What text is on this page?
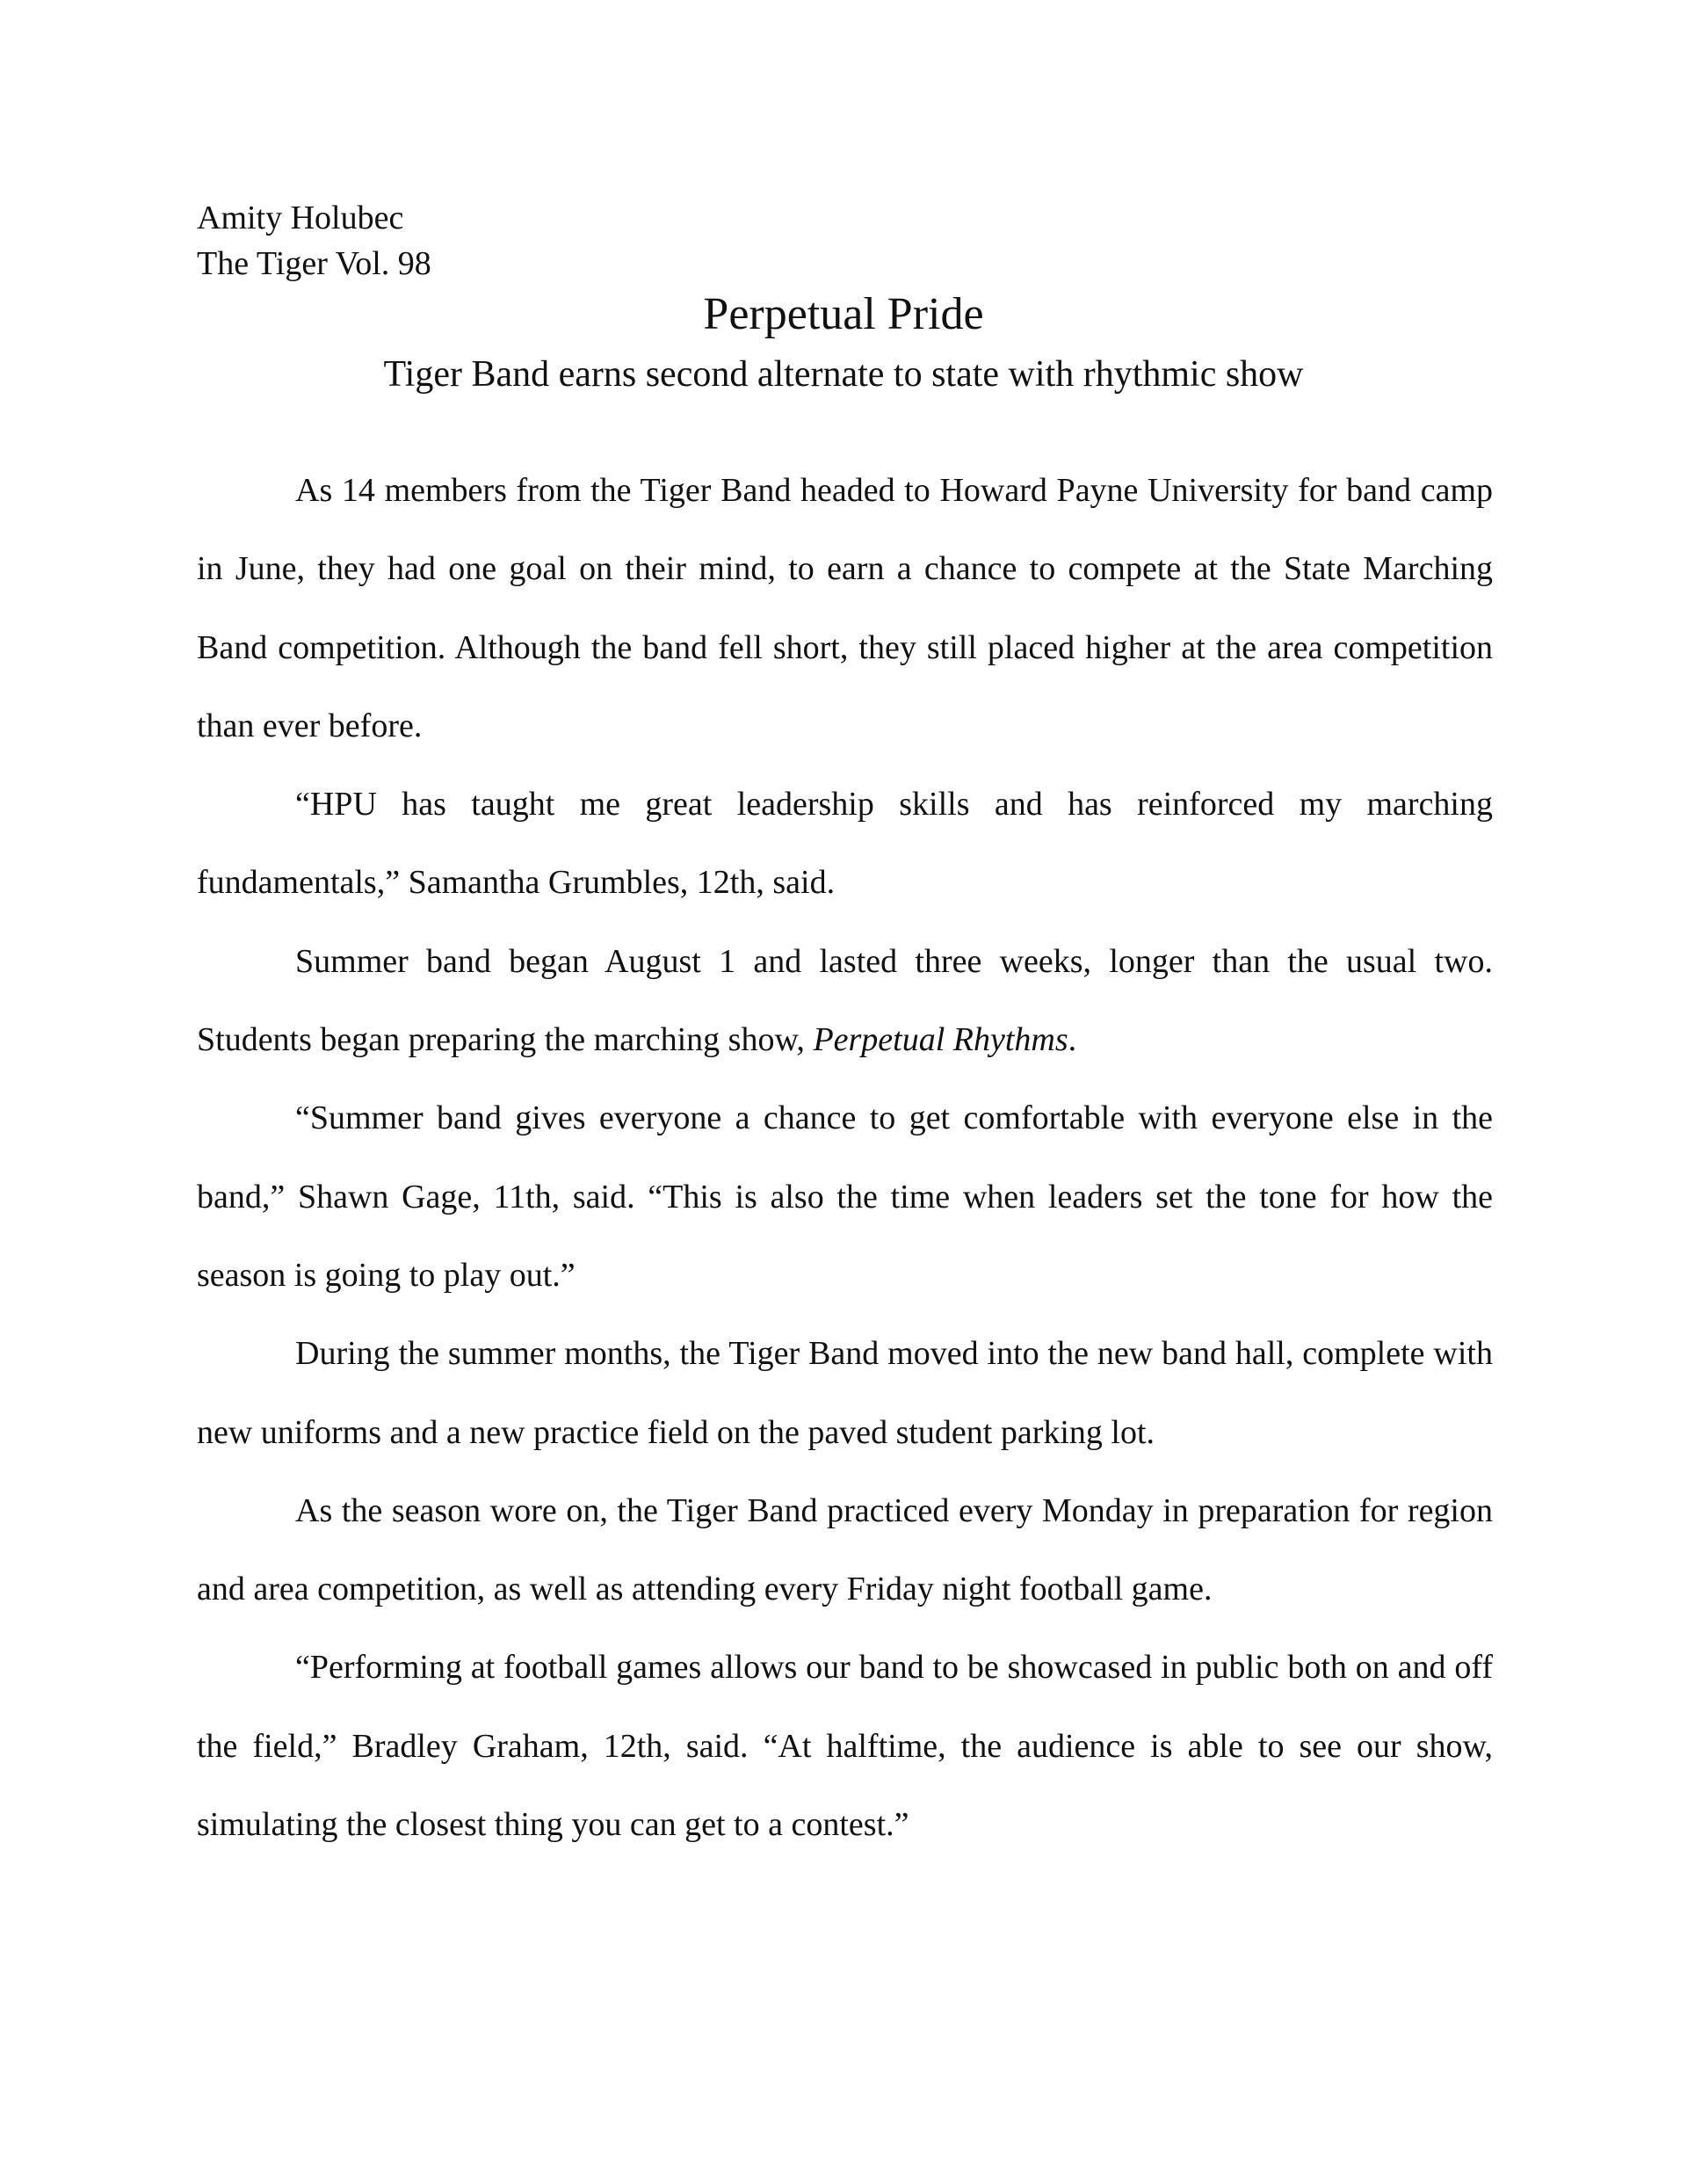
Amity Holubec
The Tiger Vol. 98
Perpetual Pride
Tiger Band earns second alternate to state with rhythmic show

As 14 members from the Tiger Band headed to Howard Payne University for band camp in June, they had one goal on their mind, to earn a chance to compete at the State Marching Band competition. Although the band fell short, they still placed higher at the area competition than ever before.

“HPU has taught me great leadership skills and has reinforced my marching fundamentals,” Samantha Grumbles, 12th, said.

Summer band began August 1 and lasted three weeks, longer than the usual two. Students began preparing the marching show, Perpetual Rhythms.

“Summer band gives everyone a chance to get comfortable with everyone else in the band,” Shawn Gage, 11th, said. “This is also the time when leaders set the tone for how the season is going to play out.”

During the summer months, the Tiger Band moved into the new band hall, complete with new uniforms and a new practice field on the paved student parking lot.

As the season wore on, the Tiger Band practiced every Monday in preparation for region and area competition, as well as attending every Friday night football game.

“Performing at football games allows our band to be showcased in public both on and off the field,” Bradley Graham, 12th, said. “At halftime, the audience is able to see our show, simulating the closest thing you can get to a contest.”
